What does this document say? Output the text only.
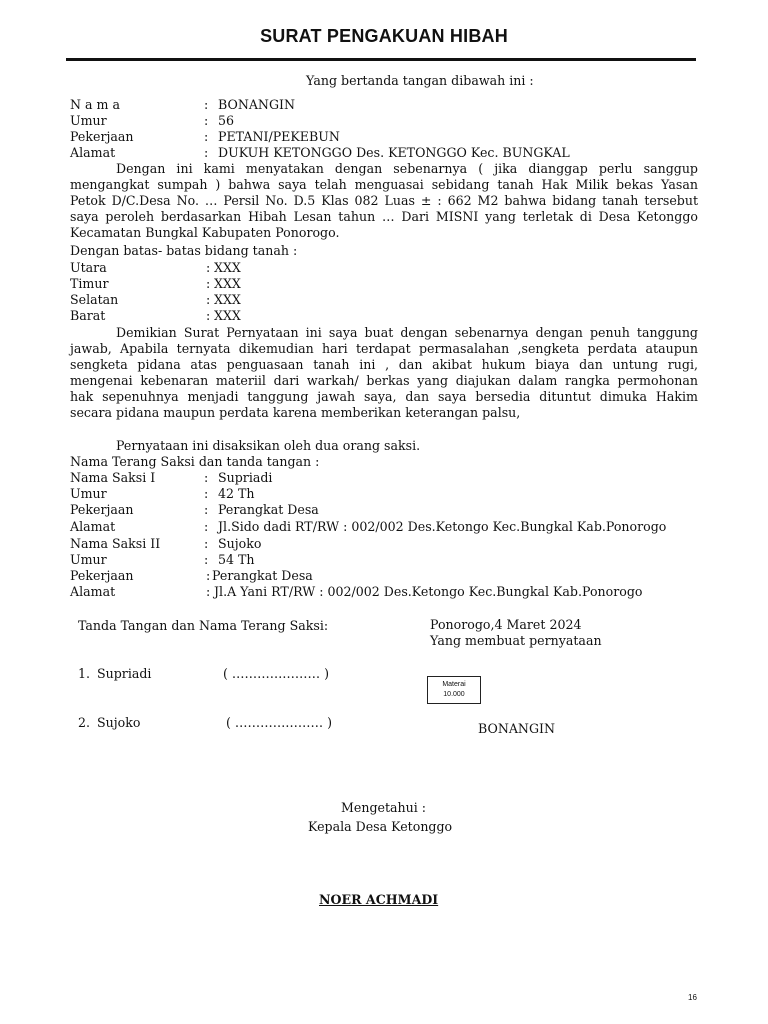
SURAT PENGAKUAN HIBAH
Yang bertanda tangan dibawah ini :
N a m a	: BONANGIN
Umur	: 56
Pekerjaan	: PETANI/PEKEBUN
Alamat	: DUKUH KETONGGO Des. KETONGGO Kec. BUNGKAL
Dengan ini kami menyatakan dengan sebenarnya ( jika dianggap perlu sanggup
mengangkat sumpah ) bahwa saya telah menguasai sebidang tanah Hak Milik bekas Yasan
Petok D/C.Desa No. … Persil No. D.5 Klas 082 Luas ± : 662 M2 bahwa bidang tanah tersebut
saya peroleh berdasarkan Hibah Lesan tahun … Dari MISNI yang terletak di Desa Ketonggo
Kecamatan Bungkal Kabupaten Ponorogo.
Dengan batas- batas bidang tanah :
Utara	: XXX
Timur	: XXX
Selatan	: XXX
Barat	: XXX
Demikian Surat Pernyataan ini saya buat dengan sebenarnya dengan penuh tanggung
jawab, Apabila ternyata dikemudian hari terdapat permasalahan ,sengketa perdata ataupun
sengketa pidana atas penguasaan tanah ini , dan akibat hukum biaya dan untung rugi,
mengenai kebenaran materiil dari warkah/ berkas yang diajukan dalam rangka permohonan
hak sepenuhnya menjadi tanggung jawah saya, dan saya bersedia dituntut dimuka Hakim
secara pidana maupun perdata karena memberikan keterangan palsu,
Pernyataan ini disaksikan oleh dua orang saksi.
Nama Terang Saksi dan tanda tangan :
Nama Saksi I	: Supriadi
Umur	: 42 Th
Pekerjaan	: Perangkat Desa
Alamat	: Jl.Sido dadi RT/RW : 002/002 Des.Ketongo Kec.Bungkal Kab.Ponorogo
Nama Saksi II	: Sujoko
Umur	: 54 Th
Pekerjaan	: Perangkat Desa
Alamat	: Jl.A Yani RT/RW : 002/002 Des.Ketongo Kec.Bungkal Kab.Ponorogo
Tanda Tangan dan Nama Terang Saksi:	Ponorogo,4 Maret 2024
Yang membuat pernyataan
1. Supriadi	( ………………… )
Materai
10.000
2. Sujoko	( ………………… )	BONANGIN
Mengetahui :
Kepala Desa Ketonggo
NOER ACHMADI
16
